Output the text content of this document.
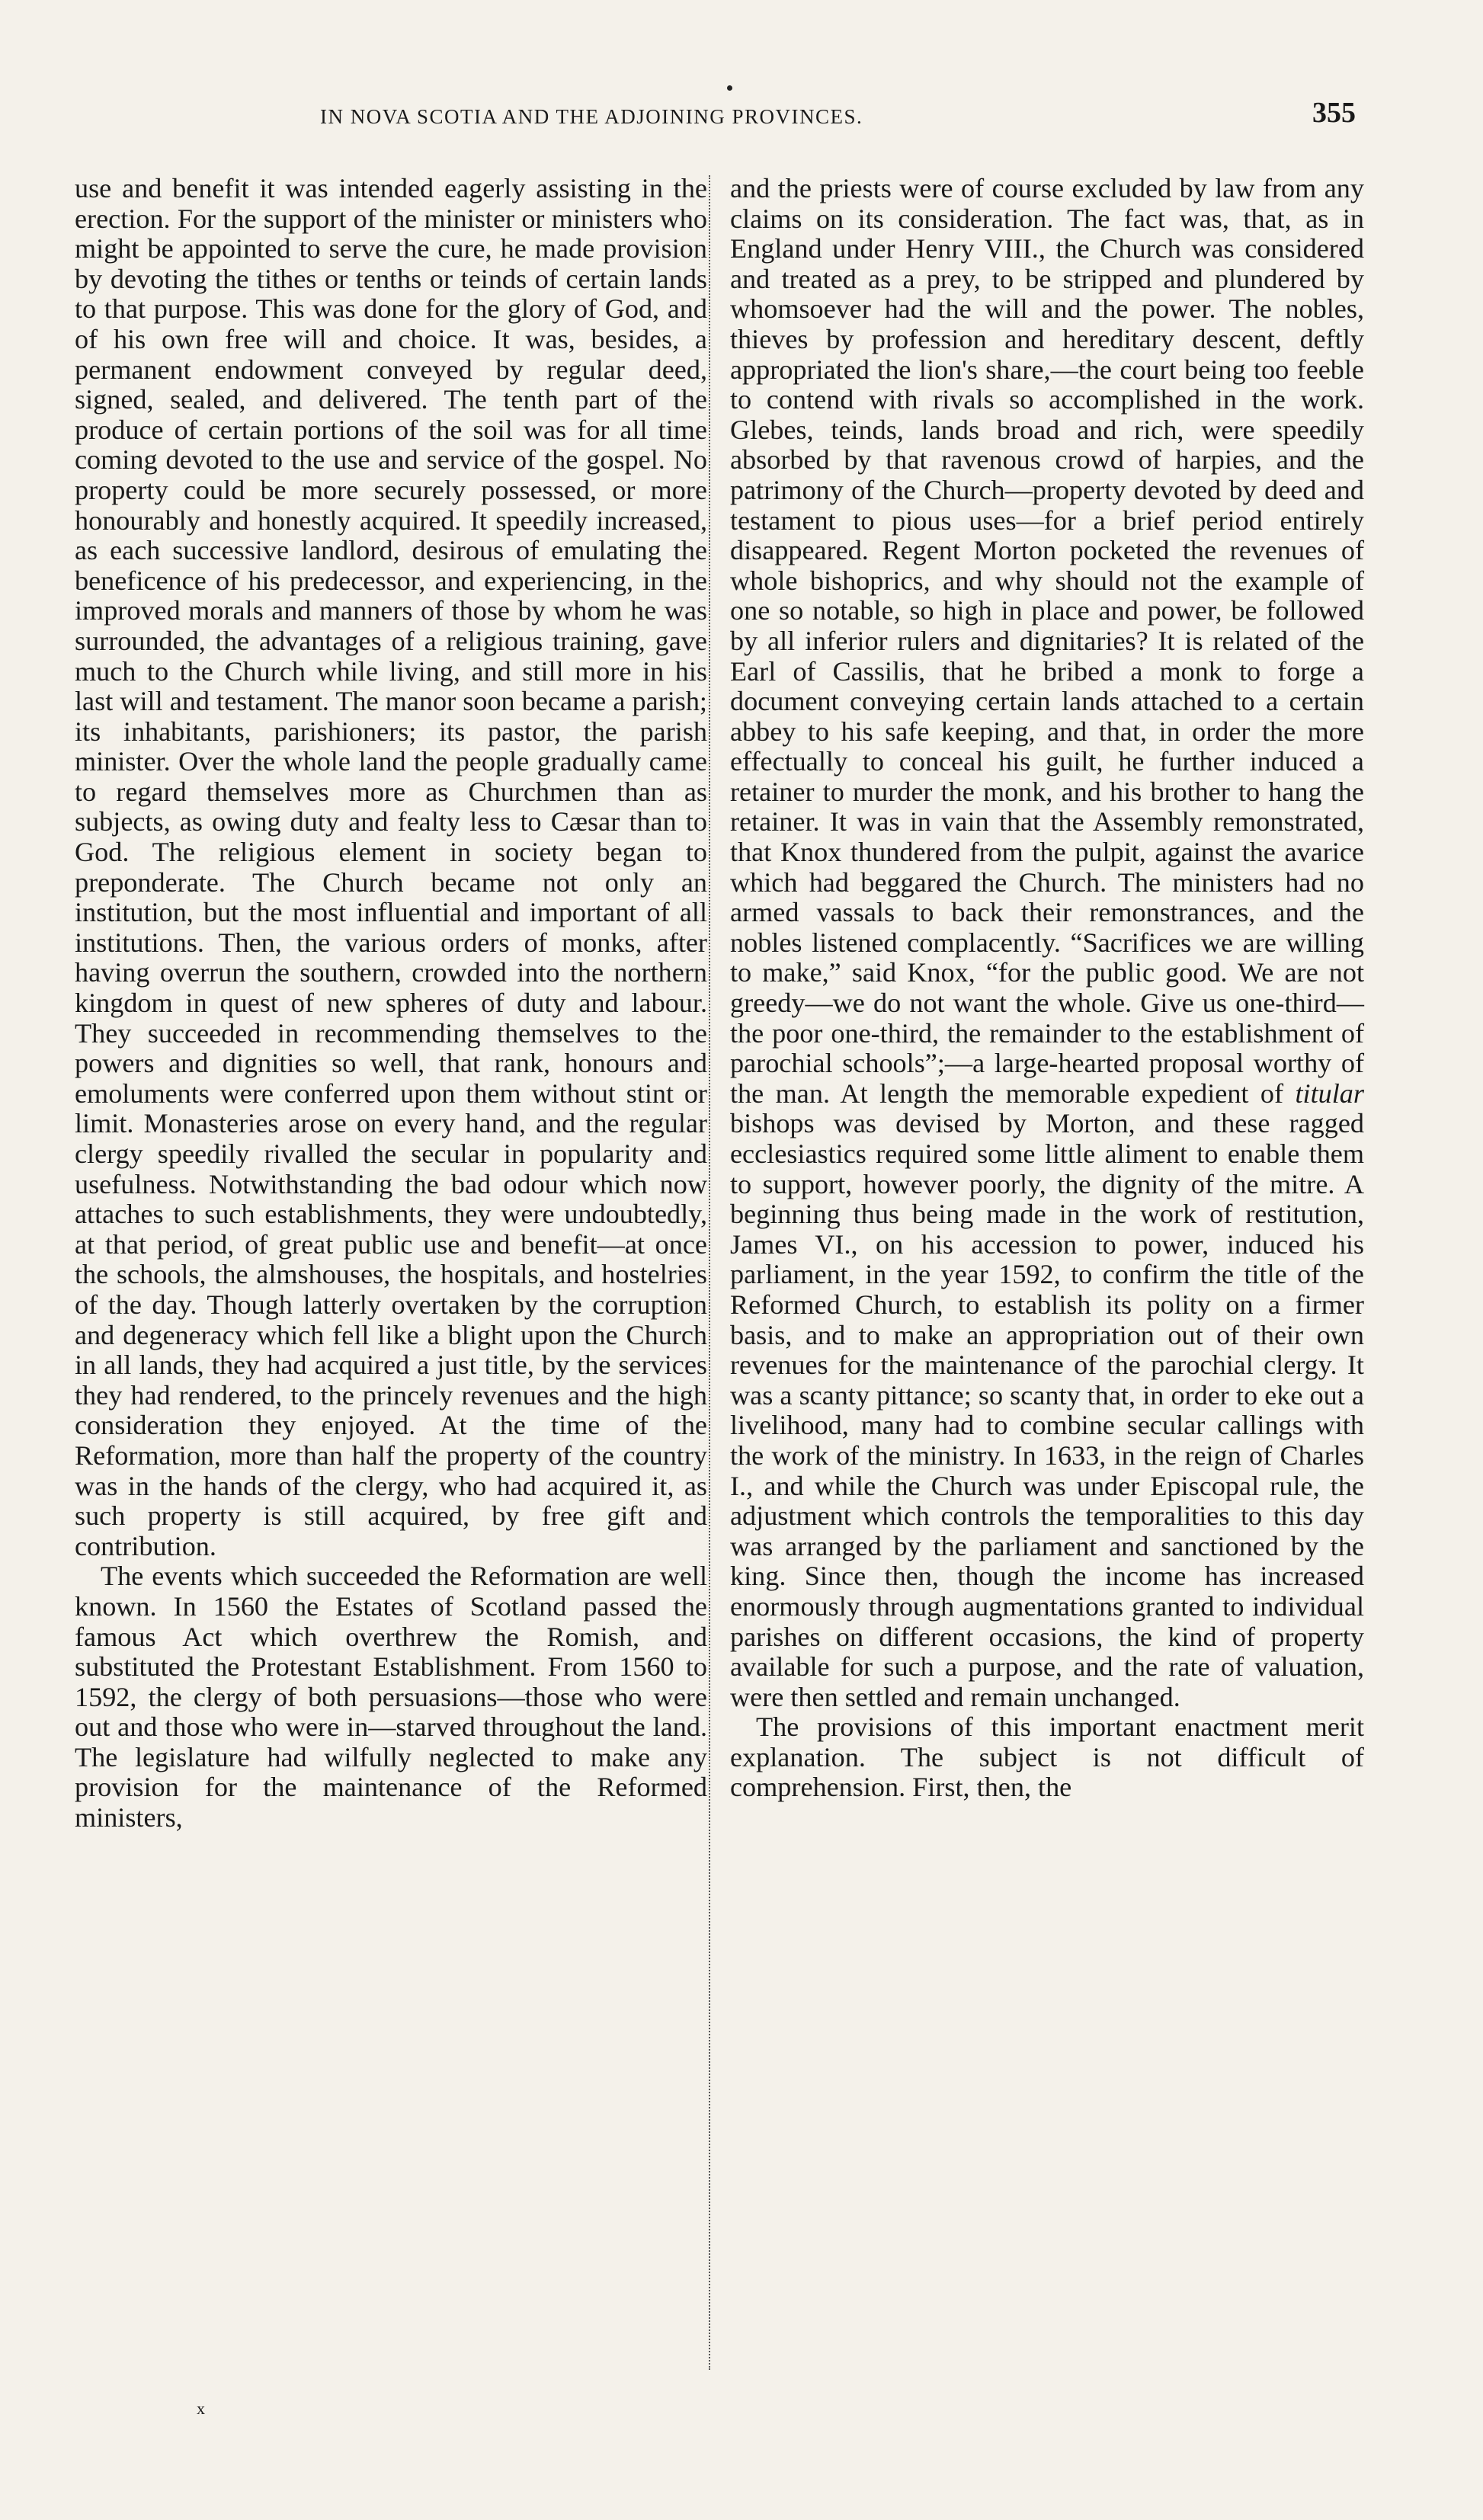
IN NOVA SCOTIA AND THE ADJOINING PROVINCES.	355

use and benefit it was intended eagerly assisting in the erection. For the support of the minister or ministers who might be appointed to serve the cure, he made provision by devoting the tithes or tenths or teinds of certain lands to that purpose. This was done for the glory of God, and of his own free will and choice. It was, besides, a permanent endowment conveyed by regular deed, signed, sealed, and delivered. The tenth part of the produce of certain portions of the soil was for all time coming devoted to the use and service of the gospel. No property could be more securely possessed, or more honourably and honestly acquired. It speedily increased, as each successive landlord, desirous of emulating the beneficence of his predecessor, and experiencing, in the improved morals and manners of those by whom he was surrounded, the advantages of a religious training, gave much to the Church while living, and still more in his last will and testament. The manor soon became a parish; its inhabitants, parishioners; its pastor, the parish minister. Over the whole land the people gradually came to regard themselves more as Churchmen than as subjects, as owing duty and fealty less to Cæsar than to God. The religious element in society began to preponderate. The Church became not only an institution, but the most influential and important of all institutions. Then, the various orders of monks, after having overrun the southern, crowded into the northern kingdom in quest of new spheres of duty and labour. They succeeded in recommending themselves to the powers and dignities so well, that rank, honours and emoluments were conferred upon them without stint or limit. Monasteries arose on every hand, and the regular clergy speedily rivalled the secular in popularity and usefulness. Notwithstanding the bad odour which now attaches to such establishments, they were undoubtedly, at that period, of great public use and benefit—at once the schools, the almshouses, the hospitals, and hostelries of the day. Though latterly overtaken by the corruption and degeneracy which fell like a blight upon the Church in all lands, they had acquired a just title, by the services they had rendered, to the princely revenues and the high consideration they enjoyed. At the time of the Reformation, more than half the property of the country was in the hands of the clergy, who had acquired it, as such property is still acquired, by free gift and contribution.

The events which succeeded the Reformation are well known. In 1560 the Estates of Scotland passed the famous Act which overthrew the Romish, and substituted the Protestant Establishment. From 1560 to 1592, the clergy of both persuasions—those who were out and those who were in—starved throughout the land. The legislature had wilfully neglected to make any provision for the maintenance of the Reformed ministers,

and the priests were of course excluded by law from any claims on its consideration. The fact was, that, as in England under Henry VIII., the Church was considered and treated as a prey, to be stripped and plundered by whomsoever had the will and the power. The nobles, thieves by profession and hereditary descent, deftly appropriated the lion's share,—the court being too feeble to contend with rivals so accomplished in the work. Glebes, teinds, lands broad and rich, were speedily absorbed by that ravenous crowd of harpies, and the patrimony of the Church—property devoted by deed and testament to pious uses—for a brief period entirely disappeared. Regent Morton pocketed the revenues of whole bishoprics, and why should not the example of one so notable, so high in place and power, be followed by all inferior rulers and dignitaries? It is related of the Earl of Cassilis, that he bribed a monk to forge a document conveying certain lands attached to a certain abbey to his safe keeping, and that, in order the more effectually to conceal his guilt, he further induced a retainer to murder the monk, and his brother to hang the retainer. It was in vain that the Assembly remonstrated, that Knox thundered from the pulpit, against the avarice which had beggared the Church. The ministers had no armed vassals to back their remonstrances, and the nobles listened complacently. “Sacrifices we are willing to make,” said Knox, “for the public good. We are not greedy—we do not want the whole. Give us one-third—the poor one-third, the remainder to the establishment of parochial schools”;—a large-hearted proposal worthy of the man. At length the memorable expedient of titular bishops was devised by Morton, and these ragged ecclesiastics required some little aliment to enable them to support, however poorly, the dignity of the mitre. A beginning thus being made in the work of restitution, James VI., on his accession to power, induced his parliament, in the year 1592, to confirm the title of the Reformed Church, to establish its polity on a firmer basis, and to make an appropriation out of their own revenues for the maintenance of the parochial clergy. It was a scanty pittance; so scanty that, in order to eke out a livelihood, many had to combine secular callings with the work of the ministry. In 1633, in the reign of Charles I., and while the Church was under Episcopal rule, the adjustment which controls the temporalities to this day was arranged by the parliament and sanctioned by the king. Since then, though the income has increased enormously through augmentations granted to individual parishes on different occasions, the kind of property available for such a purpose, and the rate of valuation, were then settled and remain unchanged.

The provisions of this important enactment merit explanation. The subject is not difficult of comprehension. First, then, the

x
